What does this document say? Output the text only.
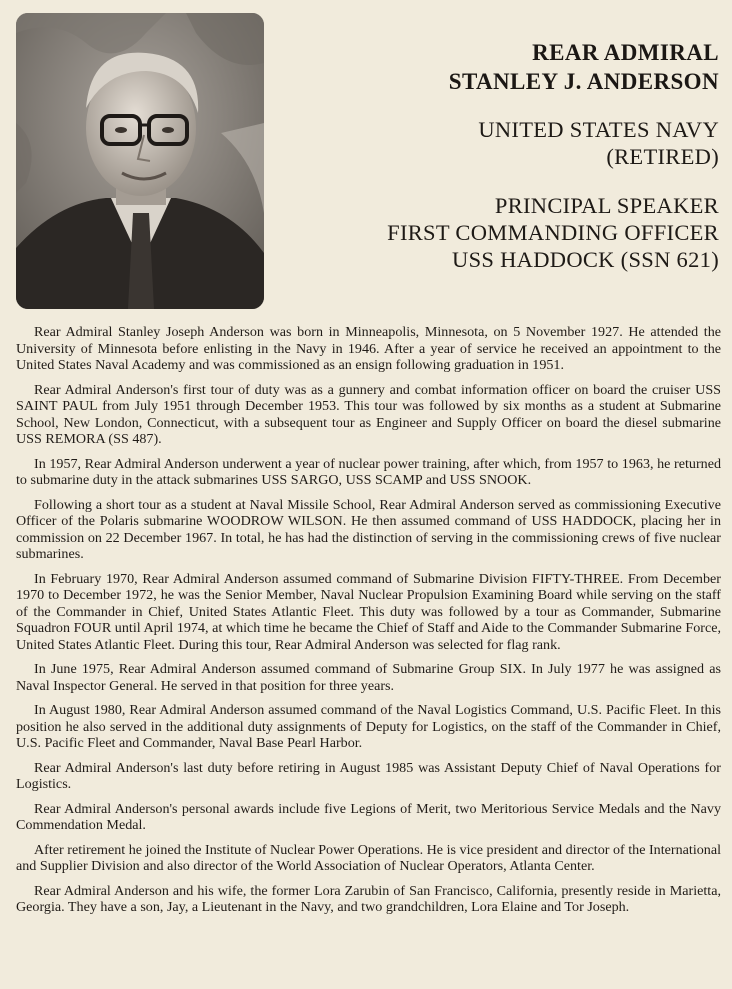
REAR ADMIRAL
STANLEY J. ANDERSON
UNITED STATES NAVY
(RETIRED)
PRINCIPAL SPEAKER
FIRST COMMANDING OFFICER
USS HADDOCK (SSN 621)

Rear Admiral Stanley Joseph Anderson was born in Minneapolis, Minnesota, on 5 November 1927. He attended the University of Minnesota before enlisting in the Navy in 1946. After a year of service he received an appointment to the United States Naval Academy and was commissioned as an ensign following graduation in 1951.

Rear Admiral Anderson's first tour of duty was as a gunnery and combat information officer on board the cruiser USS SAINT PAUL from July 1951 through December 1953. This tour was followed by six months as a student at Submarine School, New London, Connecticut, with a subsequent tour as Engineer and Supply Officer on board the diesel submarine USS REMORA (SS 487).

In 1957, Rear Admiral Anderson underwent a year of nuclear power training, after which, from 1957 to 1963, he returned to submarine duty in the attack submarines USS SARGO, USS SCAMP and USS SNOOK.

Following a short tour as a student at Naval Missile School, Rear Admiral Anderson served as commissioning Executive Officer of the Polaris submarine WOODROW WILSON. He then assumed command of USS HADDOCK, placing her in commission on 22 December 1967. In total, he has had the distinction of serving in the commissioning crews of five nuclear submarines.

In February 1970, Rear Admiral Anderson assumed command of Submarine Division FIFTY-THREE. From December 1970 to December 1972, he was the Senior Member, Naval Nuclear Propulsion Examining Board while serving on the staff of the Commander in Chief, United States Atlantic Fleet. This duty was followed by a tour as Commander, Submarine Squadron FOUR until April 1974, at which time he became the Chief of Staff and Aide to the Commander Submarine Force, United States Atlantic Fleet. During this tour, Rear Admiral Anderson was selected for flag rank.

In June 1975, Rear Admiral Anderson assumed command of Submarine Group SIX. In July 1977 he was assigned as Naval Inspector General. He served in that position for three years.

In August 1980, Rear Admiral Anderson assumed command of the Naval Logistics Command, U.S. Pacific Fleet. In this position he also served in the additional duty assignments of Deputy for Logistics, on the staff of the Commander in Chief, U.S. Pacific Fleet and Commander, Naval Base Pearl Harbor.

Rear Admiral Anderson's last duty before retiring in August 1985 was Assistant Deputy Chief of Naval Operations for Logistics.

Rear Admiral Anderson's personal awards include five Legions of Merit, two Meritorious Service Medals and the Navy Commendation Medal.

After retirement he joined the Institute of Nuclear Power Operations. He is vice president and director of the International and Supplier Division and also director of the World Association of Nuclear Operators, Atlanta Center.

Rear Admiral Anderson and his wife, the former Lora Zarubin of San Francisco, California, presently reside in Marietta, Georgia. They have a son, Jay, a Lieutenant in the Navy, and two grandchildren, Lora Elaine and Tor Joseph.
